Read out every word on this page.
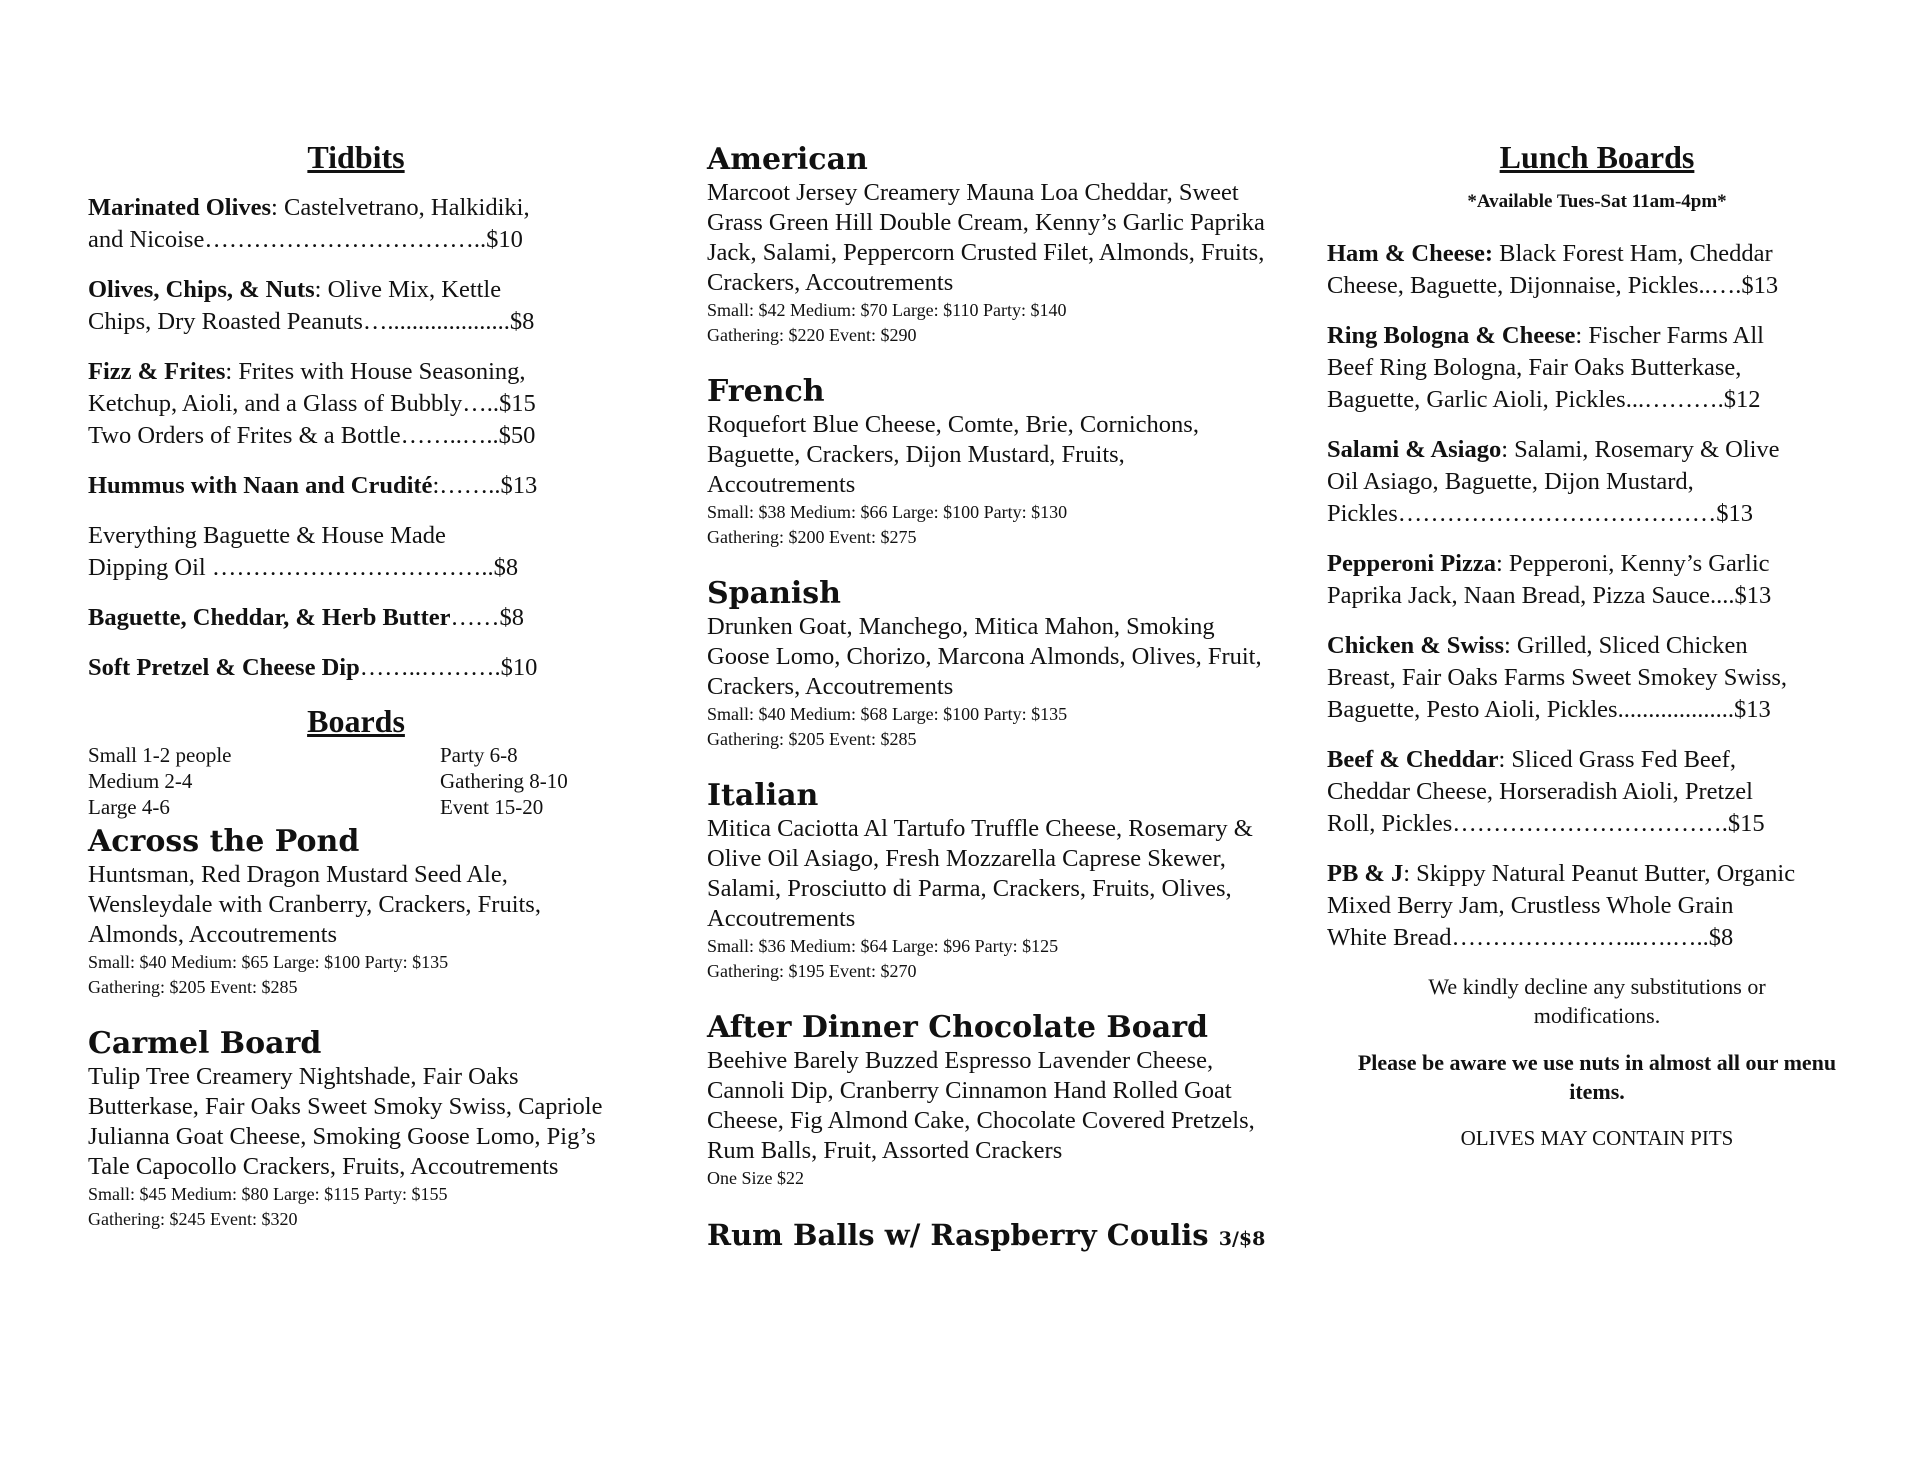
Tidbits
Marinated Olives: Castelvetrano, Halkidiki,
and Nicoise……………………………..$10
Olives, Chips, & Nuts: Olive Mix, Kettle
Chips, Dry Roasted Peanuts…....................$8
Fizz & Frites: Frites with House Seasoning,
Ketchup, Aioli, and a Glass of Bubbly…..$15
Two Orders of Frites & a Bottle……..…..$50
Hummus with Naan and Crudité:……..$13
Everything Baguette & House Made
Dipping Oil ……………………………..$8
Baguette, Cheddar, & Herb Butter……$8
Soft Pretzel & Cheese Dip……..……….$10
Boards
Small 1-2 people	Party 6-8
Medium 2-4	Gathering 8-10
Large 4-6	Event 15-20
Across the Pond

Huntsman, Red Dragon Mustard Seed Ale, Wensleydale with Cranberry, Crackers, Fruits, Almonds, Accoutrements

Small: $40 Medium: $65 Large: $100 Party: $135
Gathering: $205 Event: $285
Carmel Board

Tulip Tree Creamery Nightshade, Fair Oaks Butterkase, Fair Oaks Sweet Smoky Swiss, Capriole Julianna Goat Cheese, Smoking Goose Lomo, Pig’s Tale Capocollo Crackers, Fruits, Accoutrements

Small: $45 Medium: $80 Large: $115 Party: $155
Gathering: $245 Event: $320
American

Marcoot Jersey Creamery Mauna Loa Cheddar, Sweet Grass Green Hill Double Cream, Kenny’s Garlic Paprika Jack, Salami, Peppercorn Crusted Filet, Almonds, Fruits, Crackers, Accoutrements

Small: $42 Medium: $70 Large: $110 Party: $140
Gathering: $220 Event: $290
French

Roquefort Blue Cheese, Comte, Brie, Cornichons, Baguette, Crackers, Dijon Mustard, Fruits, Accoutrements

Small: $38 Medium: $66 Large: $100 Party: $130
Gathering: $200 Event: $275
Spanish

Drunken Goat, Manchego, Mitica Mahon, Smoking Goose Lomo, Chorizo, Marcona Almonds, Olives, Fruit, Crackers, Accoutrements

Small: $40 Medium: $68 Large: $100 Party: $135
Gathering: $205 Event: $285
Italian

Mitica Caciotta Al Tartufo Truffle Cheese, Rosemary & Olive Oil Asiago, Fresh Mozzarella Caprese Skewer, Salami, Prosciutto di Parma, Crackers, Fruits, Olives, Accoutrements

Small: $36 Medium: $64 Large: $96 Party: $125
Gathering: $195 Event: $270
After Dinner Chocolate Board

Beehive Barely Buzzed Espresso Lavender Cheese, Cannoli Dip, Cranberry Cinnamon Hand Rolled Goat Cheese, Fig Almond Cake, Chocolate Covered Pretzels, Rum Balls, Fruit, Assorted Crackers

One Size $22

Rum Balls w/ Raspberry Coulis 3/$8

Lunch Boards
*Available Tues-Sat 11am-4pm*
Ham & Cheese: Black Forest Ham, Cheddar
Cheese, Baguette, Dijonnaise, Pickles..….$13
Ring Bologna & Cheese: Fischer Farms All
Beef Ring Bologna, Fair Oaks Butterkase,
Baguette, Garlic Aioli, Pickles...……….$12
Salami & Asiago: Salami, Rosemary & Olive
Oil Asiago, Baguette, Dijon Mustard,
Pickles…………………………………$13
Pepperoni Pizza: Pepperoni, Kenny’s Garlic
Paprika Jack, Naan Bread, Pizza Sauce....$13
Chicken & Swiss: Grilled, Sliced Chicken
Breast, Fair Oaks Farms Sweet Smokey Swiss,
Baguette, Pesto Aioli, Pickles...................$13
Beef & Cheddar: Sliced Grass Fed Beef,
Cheddar Cheese, Horseradish Aioli, Pretzel
Roll, Pickles…………………………….$15
PB & J: Skippy Natural Peanut Butter, Organic
Mixed Berry Jam, Crustless Whole Grain
White Bread…………………...….…..$8

We kindly decline any substitutions or modifications.

Please be aware we use nuts in almost all our menu items.

OLIVES MAY CONTAIN PITS
